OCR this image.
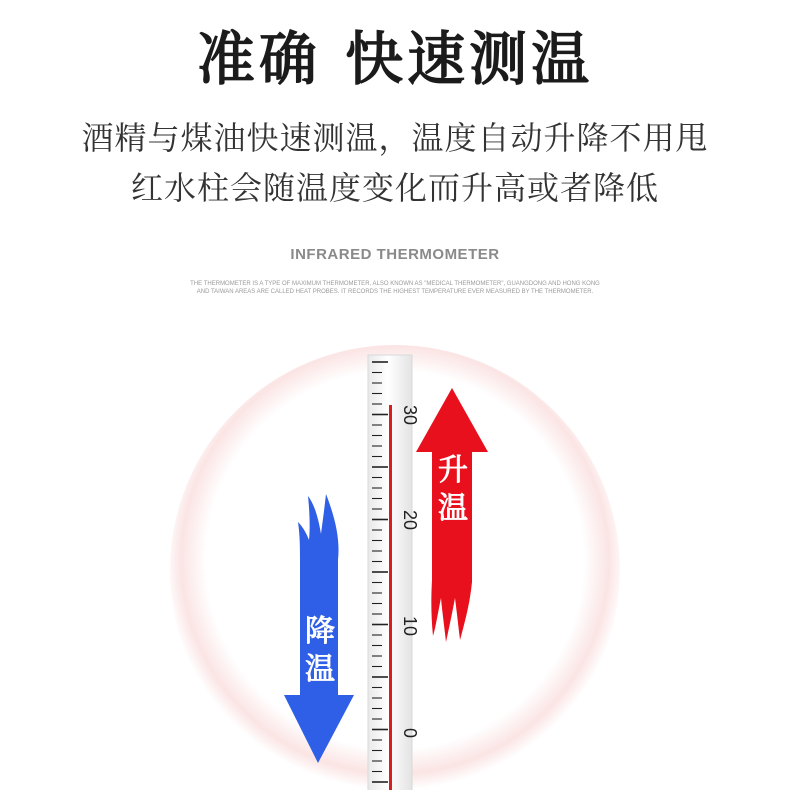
准确 快速测温
酒精与煤油快速测温，温度自动升降不用甩
红水柱会随温度变化而升高或者降低
INFRARED THERMOMETER
THE THERMOMETER IS A TYPE OF MAXIMUM THERMOMETER, ALSO KNOWN AS "MEDICAL THERMOMETER", GUANGDONG AND HONG KONG AND TAIWAN AREAS ARE CALLED HEAT PROBES. IT RECORDS THE HIGHEST TEMPERATURE EVER MEASURED BY THE THERMOMETER.
30
20
10
0
升
温
降
温
